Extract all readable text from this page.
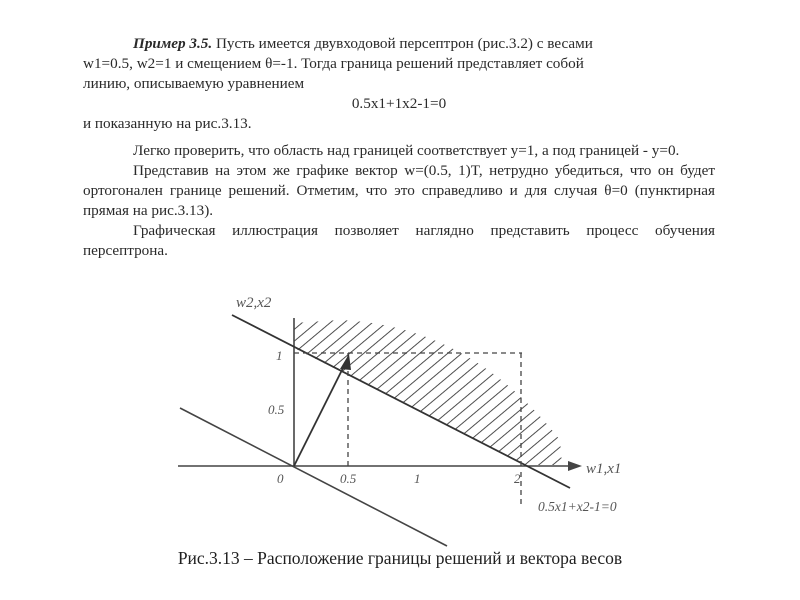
Пример 3.5. Пусть имеется двувходовой персептрон (рис.3.2) с весами
w1=0.5, w2=1 и смещением θ=-1. Тогда граница решений представляет собой
линию, описываемую уравнением

0.5x1+1x2-1=0

и показанную на рис.3.13.

Легко проверить, что область над границей соответствует y=1, а под границей - y=0.

Представив на этом же графике вектор w=(0.5, 1)T, нетрудно убедиться, что он будет ортогонален границе решений. Отметим, что это справедливо и для случая θ=0 (пунктирная прямая на рис.3.13).

Графическая иллюстрация позволяет наглядно представить процесс обучения персептрона.

w2,x2
w1,x1
1
0.5
0	0.5	1	2
0.5x1+x2-1=0
Рис.3.13 – Расположение границы решений и вектора весов
